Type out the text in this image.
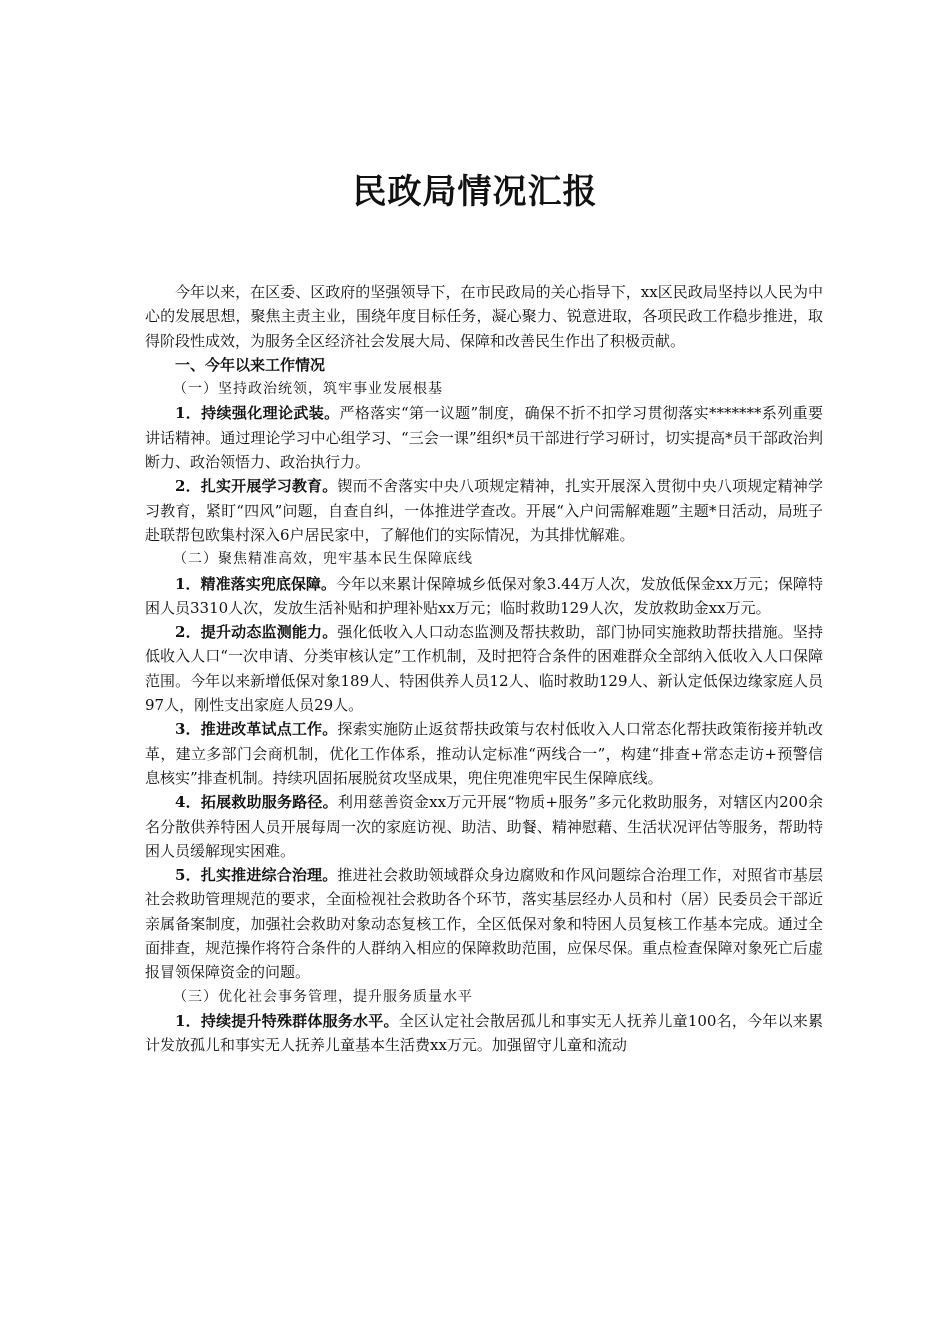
民政局情况汇报

今年以来，在区委、区政府的坚强领导下，在市民政局的关心指导下，xx区民政局坚持以人民为中心的发展思想，聚焦主责主业，围绕年度目标任务，凝心聚力、锐意进取，各项民政工作稳步推进，取得阶段性成效，为服务全区经济社会发展大局、保障和改善民生作出了积极贡献。

一、今年以来工作情况

（一）坚持政治统领，筑牢事业发展根基

1．持续强化理论武装。严格落实“第一议题”制度，确保不折不扣学习贯彻落实*******系列重要讲话精神。通过理论学习中心组学习、“三会一课”组织*员干部进行学习研讨，切实提高*员干部政治判断力、政治领悟力、政治执行力。

2．扎实开展学习教育。锲而不舍落实中央八项规定精神，扎实开展深入贯彻中央八项规定精神学习教育，紧盯“四风”问题，自查自纠，一体推进学查改。开展“入户问需解难题”主题*日活动，局班子赴联帮包欧集村深入6户居民家中，了解他们的实际情况，为其排忧解难。

（二）聚焦精准高效，兜牢基本民生保障底线

1．精准落实兜底保障。今年以来累计保障城乡低保对象3.44万人次，发放低保金xx万元；保障特困人员3310人次，发放生活补贴和护理补贴xx万元；临时救助129人次，发放救助金xx万元。

2．提升动态监测能力。强化低收入人口动态监测及帮扶救助，部门协同实施救助帮扶措施。坚持低收入人口“一次申请、分类审核认定”工作机制，及时把符合条件的困难群众全部纳入低收入人口保障范围。今年以来新增低保对象189人、特困供养人员12人、临时救助129人、新认定低保边缘家庭人员97人，刚性支出家庭人员29人。

3．推进改革试点工作。探索实施防止返贫帮扶政策与农村低收入人口常态化帮扶政策衔接并轨改革，建立多部门会商机制，优化工作体系，推动认定标准“两线合一”，构建“排查+常态走访+预警信息核实”排查机制。持续巩固拓展脱贫攻坚成果，兜住兜准兜牢民生保障底线。

4．拓展救助服务路径。利用慈善资金xx万元开展“物质+服务”多元化救助服务，对辖区内200余名分散供养特困人员开展每周一次的家庭访视、助洁、助餐、精神慰藉、生活状况评估等服务，帮助特困人员缓解现实困难。

5．扎实推进综合治理。推进社会救助领域群众身边腐败和作风问题综合治理工作，对照省市基层社会救助管理规范的要求，全面检视社会救助各个环节，落实基层经办人员和村（居）民委员会干部近亲属备案制度，加强社会救助对象动态复核工作，全区低保对象和特困人员复核工作基本完成。通过全面排查，规范操作将符合条件的人群纳入相应的保障救助范围，应保尽保。重点检查保障对象死亡后虚报冒领保障资金的问题。

（三）优化社会事务管理，提升服务质量水平

1．持续提升特殊群体服务水平。全区认定社会散居孤儿和事实无人抚养儿童100名，今年以来累计发放孤儿和事实无人抚养儿童基本生活费xx万元。加强留守儿童和流动
